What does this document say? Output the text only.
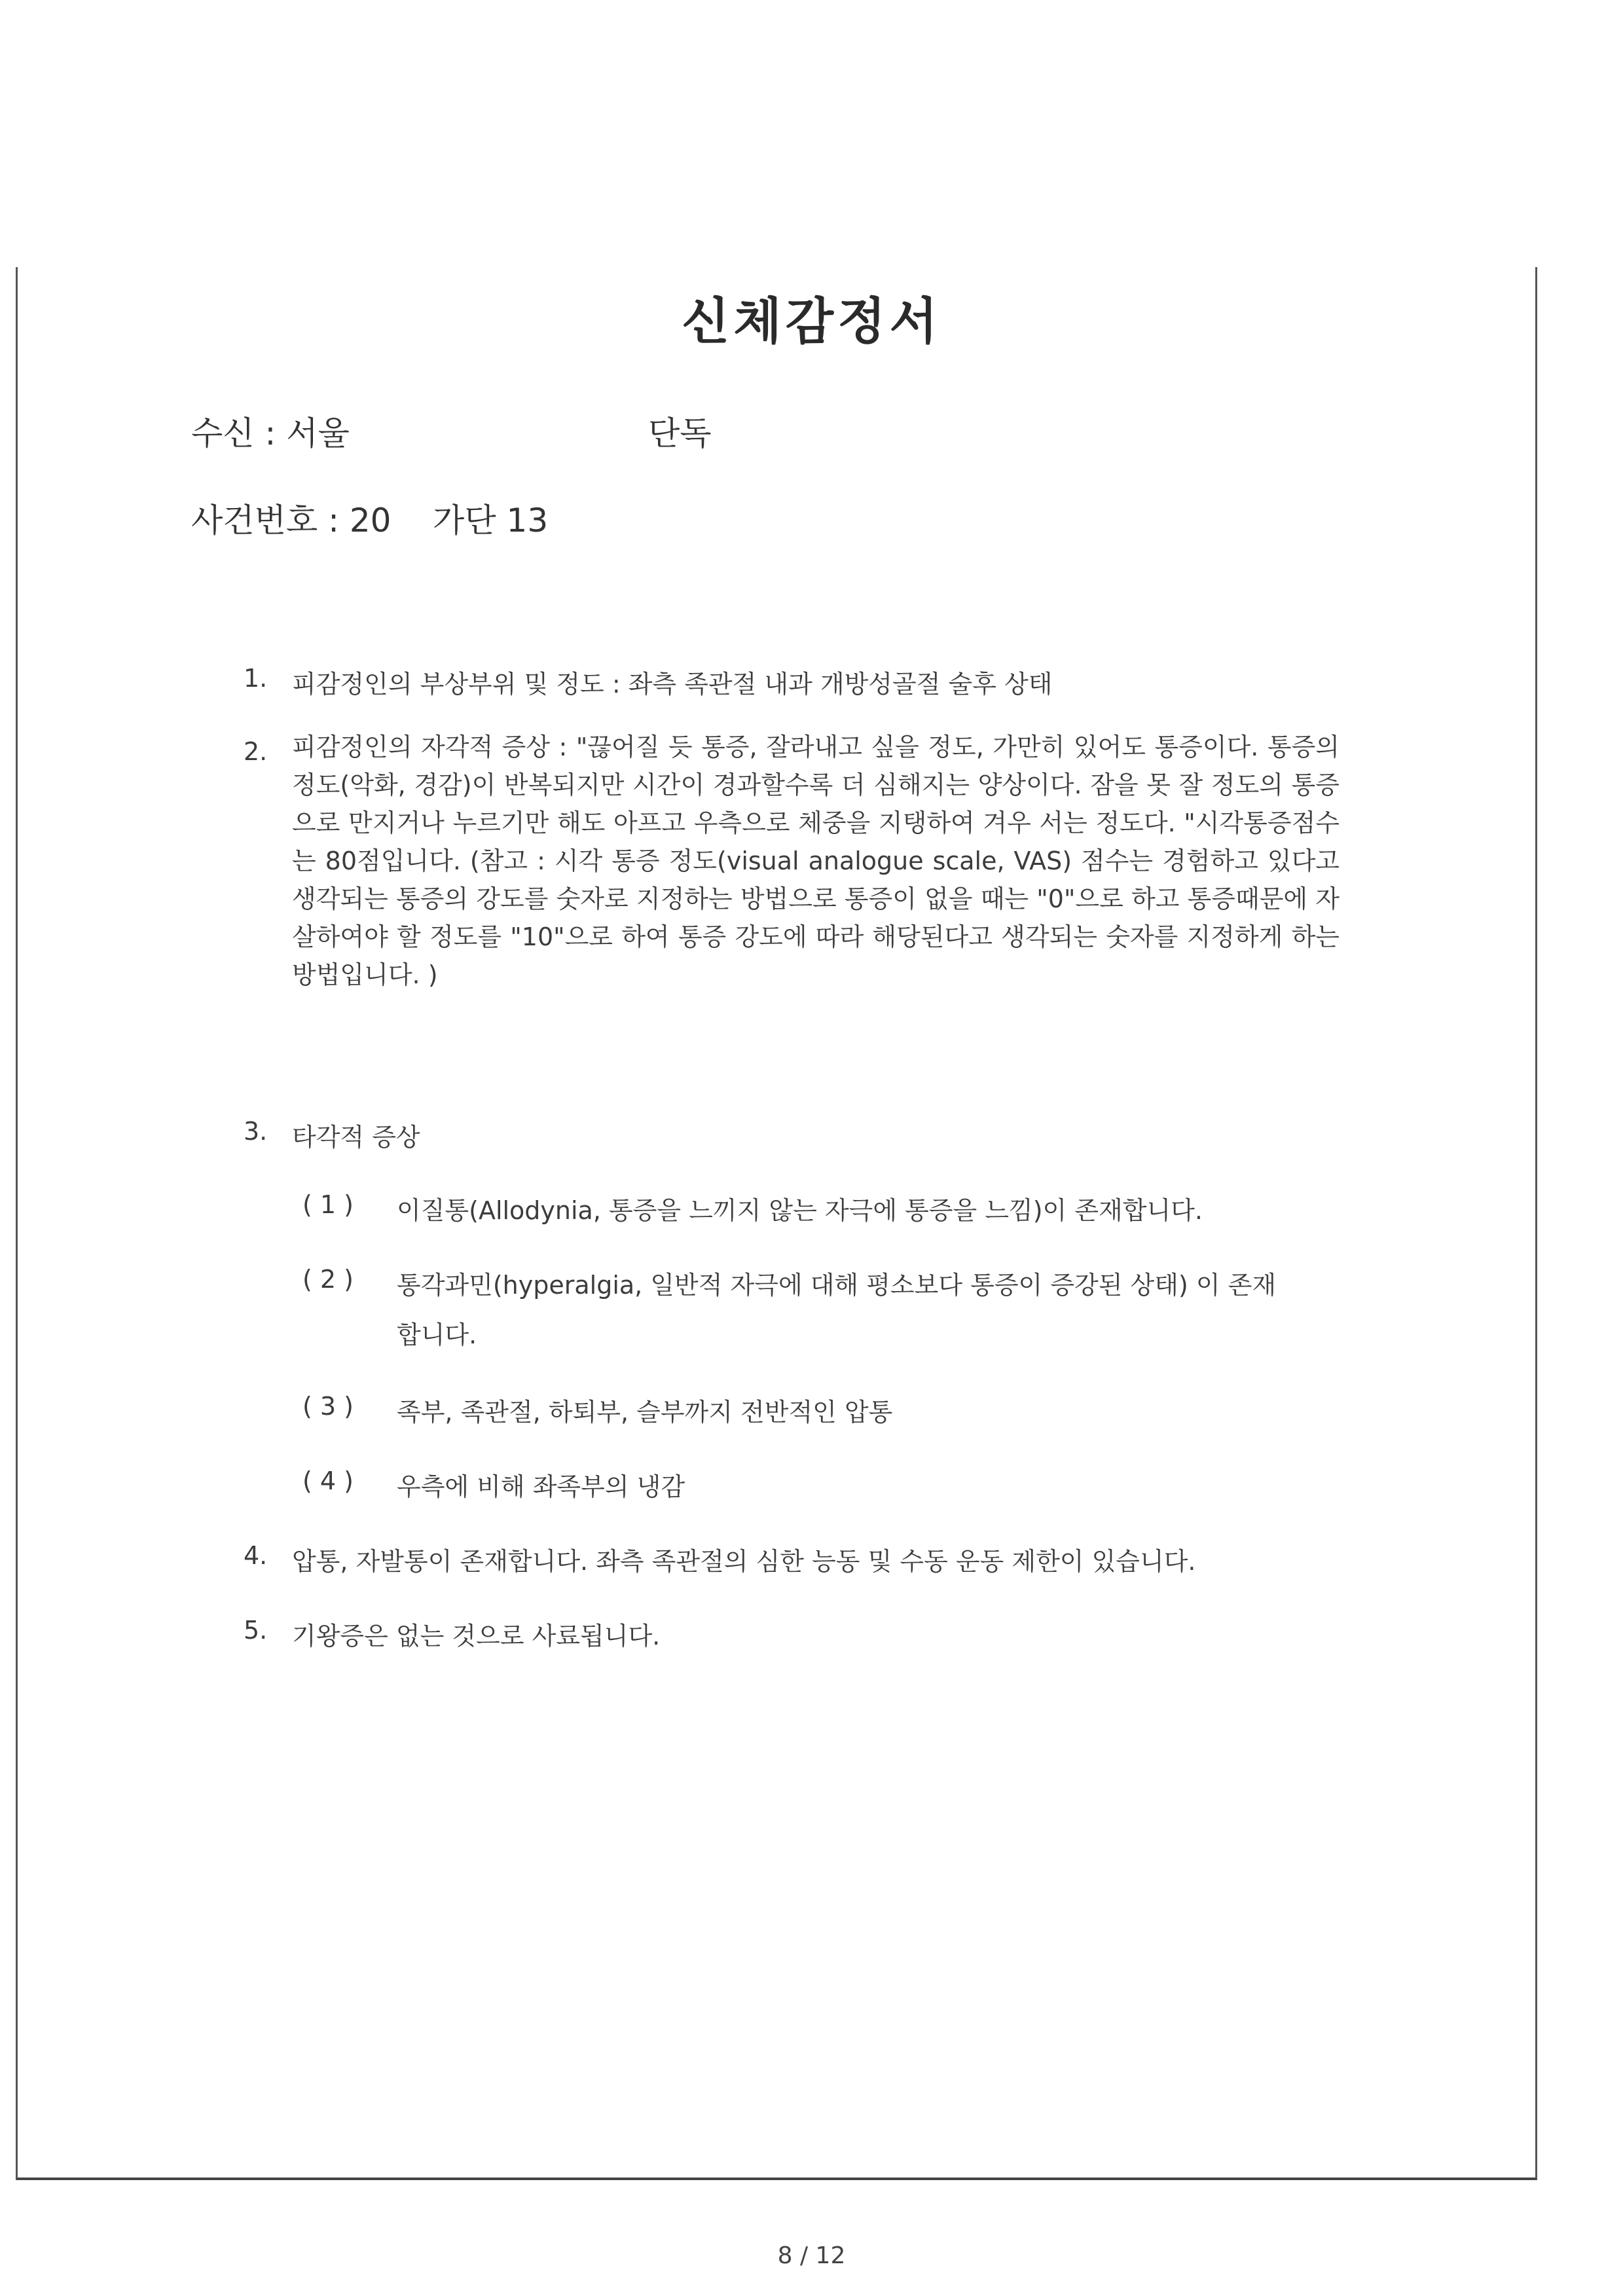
신체감정서
수신 : 서울	단독
사건번호 : 20    가단 13
1. 피감정인의 부상부위 및 정도 : 좌측 족관절 내과 개방성골절 술후 상태
2. 피감정인의 자각적 증상 : "끊어질 듯 통증, 잘라내고 싶을 정도, 가만히 있어도 통증이다. 통증의 정도(악화, 경감)이 반복되지만 시간이 경과할수록 더 심해지는 양상이다. 잠을 못 잘 정도의 통증으로 만지거나 누르기만 해도 아프고 우측으로 체중을 지탱하여 겨우 서는 정도다. "시각통증점수는 80점입니다. (참고 : 시각 통증 정도(visual analogue scale, VAS) 점수는 경험하고 있다고 생각되는 통증의 강도를 숫자로 지정하는 방법으로 통증이 없을 때는 "0"으로 하고 통증때문에 자살하여야 할 정도를 "10"으로 하여 통증 강도에 따라 해당된다고 생각되는 숫자를 지정하게 하는 방법입니다. )
3. 타각적 증상
( 1 ) 이질통(Allodynia, 통증을 느끼지 않는 자극에 통증을 느낌)이 존재합니다.
( 2 ) 통각과민(hyperalgia, 일반적 자극에 대해 평소보다 통증이 증강된 상태) 이 존재
합니다.
( 3 ) 족부, 족관절, 하퇴부, 슬부까지 전반적인 압통
( 4 ) 우측에 비해 좌족부의 냉감
4. 압통, 자발통이 존재합니다. 좌측 족관절의 심한 능동 및 수동 운동 제한이 있습니다.
5. 기왕증은 없는 것으로 사료됩니다.
8 / 12
